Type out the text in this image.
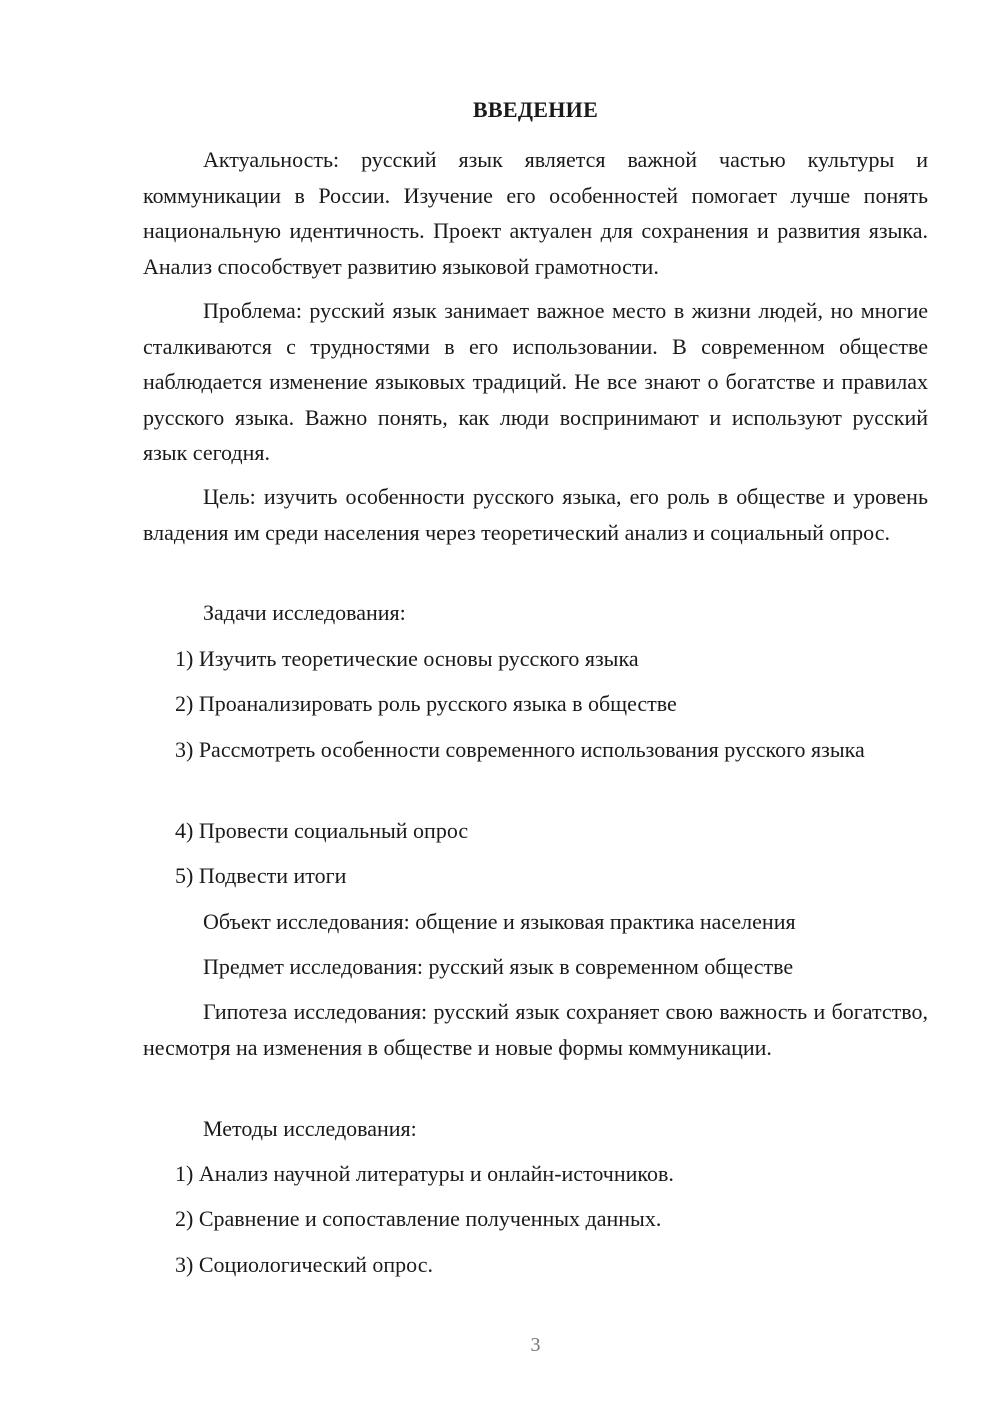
ВВЕДЕНИЕ

Актуальность: русский язык является важной частью культуры и коммуникации в России. Изучение его особенностей помогает лучше понять национальную идентичность. Проект актуален для сохранения и развития языка. Анализ способствует развитию языковой грамотности.

Проблема: русский язык занимает важное место в жизни людей, но многие сталкиваются с трудностями в его использовании. В современном обществе наблюдается изменение языковых традиций. Не все знают о богатстве и правилах русского языка. Важно понять, как люди воспринимают и используют русский язык сегодня.

Цель: изучить особенности русского языка, его роль в обществе и уровень владения им среди населения через теоретический анализ и социальный опрос.

Задачи исследования:

1) Изучить теоретические основы русского языка

2) Проанализировать роль русского языка в обществе

3) Рассмотреть особенности современного использования русского языка

4) Провести социальный опрос

5) Подвести итоги

Объект исследования: общение и языковая практика населения

Предмет исследования: русский язык в современном обществе

Гипотеза исследования: русский язык сохраняет свою важность и богатство, несмотря на изменения в обществе и новые формы коммуникации.

Методы исследования:

1) Анализ научной литературы и онлайн-источников.

2) Сравнение и сопоставление полученных данных.

3) Социологический опрос.

3
